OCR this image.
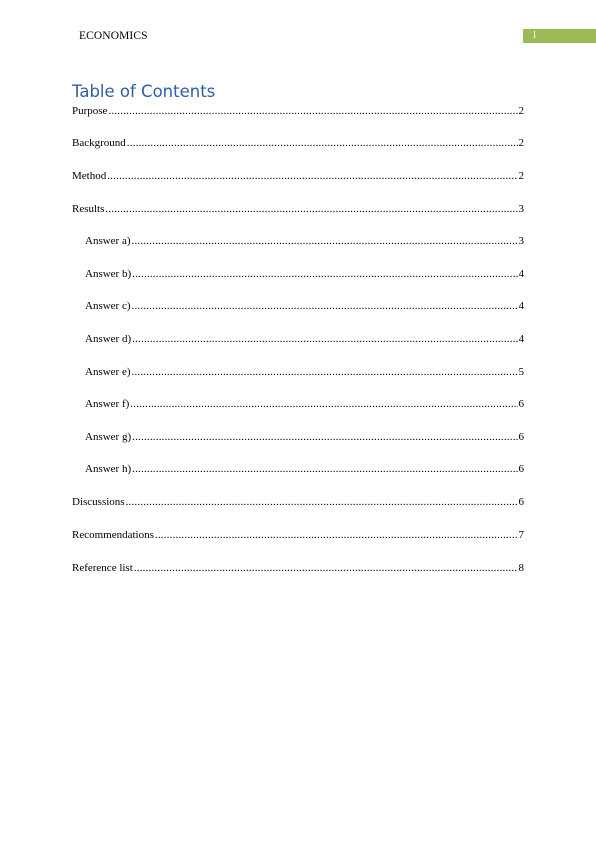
ECONOMICS	1
Table of Contents
Purpose .....	2
Background .....	2
Method .....	2
Results .....	3
Answer a) .....	3
Answer b) .....	4
Answer c) .....	4
Answer d) .....	4
Answer e) .....	5
Answer f) .....	6
Answer g) .....	6
Answer h) .....	6
Discussions .....	6
Recommendations .....	7
Reference list .....	8
